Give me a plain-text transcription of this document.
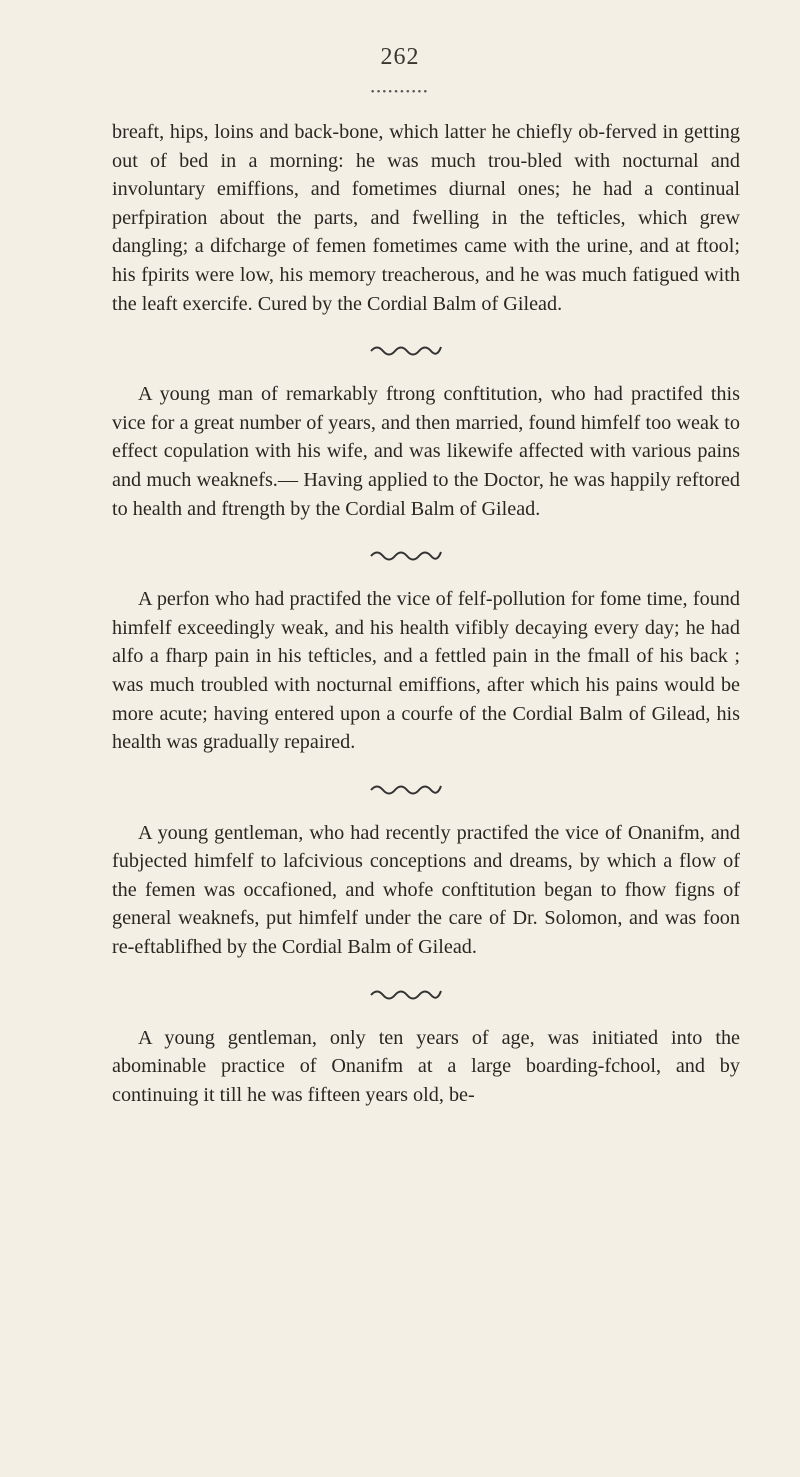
262
••••••••••

breaft, hips, loins and back-bone, which latter he chiefly ob-ferved in getting out of bed in a morning: he was much trou-bled with nocturnal and involuntary emiffions, and fometimes diurnal ones; he had a continual perfpiration about the parts, and fwelling in the tefticles, which grew dangling; a difcharge of femen fometimes came with the urine, and at ftool; his fpirits were low, his memory treacherous, and he was much fatigued with the leaft exercife. Cured by the Cordial Balm of Gilead.

A young man of remarkably ftrong conftitution, who had practifed this vice for a great number of years, and then married, found himfelf too weak to effect copulation with his wife, and was likewife affected with various pains and much weaknefs.— Having applied to the Doctor, he was happily reftored to health and ftrength by the Cordial Balm of Gilead.

A perfon who had practifed the vice of felf-pollution for fome time, found himfelf exceedingly weak, and his health vifibly decaying every day; he had alfo a fharp pain in his tefticles, and a fettled pain in the fmall of his back ; was much troubled with nocturnal emiffions, after which his pains would be more acute; having entered upon a courfe of the Cordial Balm of Gilead, his health was gradually repaired.

A young gentleman, who had recently practifed the vice of Onanifm, and fubjected himfelf to lafcivious conceptions and dreams, by which a flow of the femen was occafioned, and whofe conftitution began to fhow figns of general weaknefs, put himfelf under the care of Dr. Solomon, and was foon re-eftablifhed by the Cordial Balm of Gilead.

A young gentleman, only ten years of age, was initiated into the abominable practice of Onanifm at a large boarding-fchool, and by continuing it till he was fifteen years old, be-
